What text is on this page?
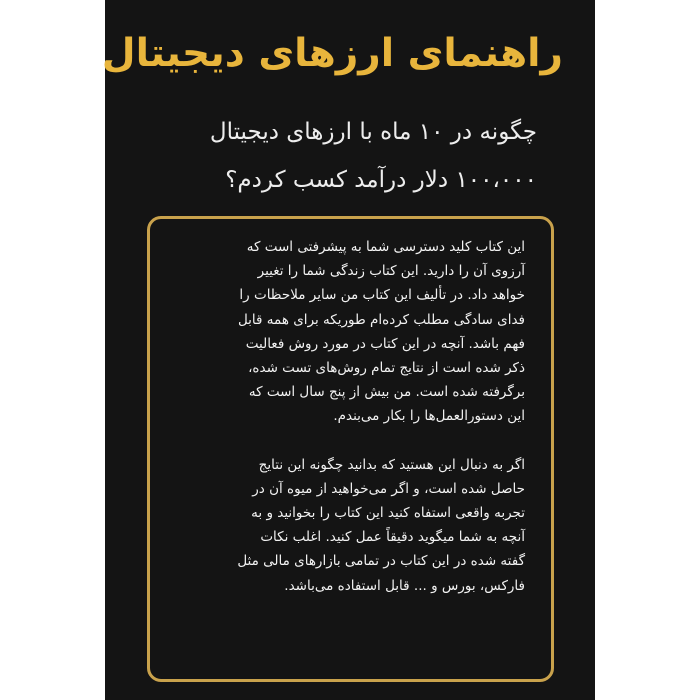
راهنمای ارزهای دیجیتال
چگونه در ۱۰ ماه با ارزهای دیجیتال
۱۰۰،۰۰۰ دلار درآمد کسب کردم؟

این کتاب کلید دسترسی شما به پیشرفتی است که
آرزوی آن را دارید. این کتاب زندگی شما را تغییر
خواهد داد. در تألیف این کتاب من سایر ملاحظات را
فدای سادگی مطلب کرده‌ام طوریکه برای همه قابل
فهم باشد. آنچه در این کتاب در مورد روش فعالیت
ذکر شده است از نتایج تمام روش‌های تست شده،
برگرفته شده است. من بیش از پنج سال است که
این دستورالعمل‌ها را بکار می‌بندم.

اگر به دنبال این هستید که بدانید چگونه این نتایج
حاصل شده است، و اگر می‌خواهید از میوه آن در
تجربه واقعی استفاه کنید این کتاب را بخوانید و به
آنچه به شما میگوید دقیقاً عمل کنید. اغلب نکات
گفته شده در این کتاب در تمامی بازارهای مالی مثل
فارکس، بورس و ... قابل استفاده می‌باشد.
